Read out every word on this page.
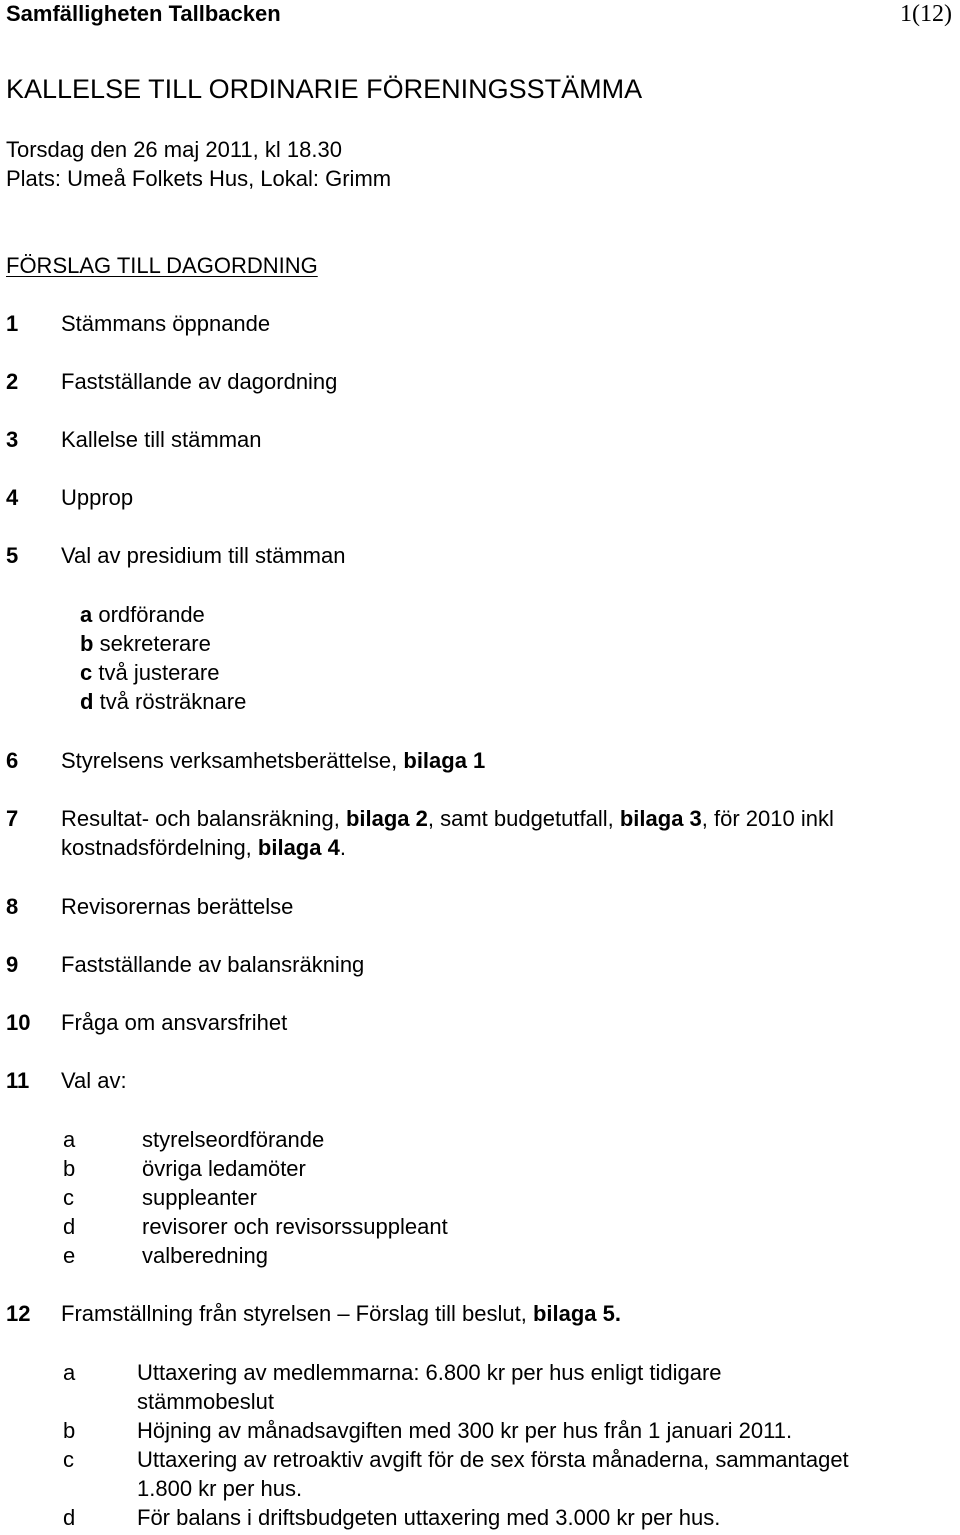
Samfälligheten Tallbacken	1(12)
KALLELSE TILL ORDINARIE FÖRENINGSSTÄMMA
Torsdag den 26 maj 2011, kl 18.30
Plats: Umeå Folkets Hus, Lokal: Grimm
FÖRSLAG TILL DAGORDNING
1 Stämmans öppnande
2 Fastställande av dagordning
3 Kallelse till stämman
4 Upprop
5 Val av presidium till stämman
a ordförande
b sekreterare
c två justerare
d två rösträknare
6 Styrelsens verksamhetsberättelse, bilaga 1
7 Resultat- och balansräkning, bilaga 2, samt budgetutfall, bilaga 3, för 2010 inkl
kostnadsfördelning, bilaga 4.
8 Revisorernas berättelse
9 Fastställande av balansräkning
10 Fråga om ansvarsfrihet
11 Val av:
a	styrelseordförande
b	övriga ledamöter
c	suppleanter
d	revisorer och revisorssuppleant
e	valberedning
12 Framställning från styrelsen – Förslag till beslut, bilaga 5.
a	Uttaxering av medlemmarna: 6.800 kr per hus enligt tidigare
stämmobeslut
b	Höjning av månadsavgiften med 300 kr per hus från 1 januari 2011.
c	Uttaxering av retroaktiv avgift för de sex första månaderna, sammantaget
1.800 kr per hus.
d	För balans i driftsbudgeten uttaxering med 3.000 kr per hus.
